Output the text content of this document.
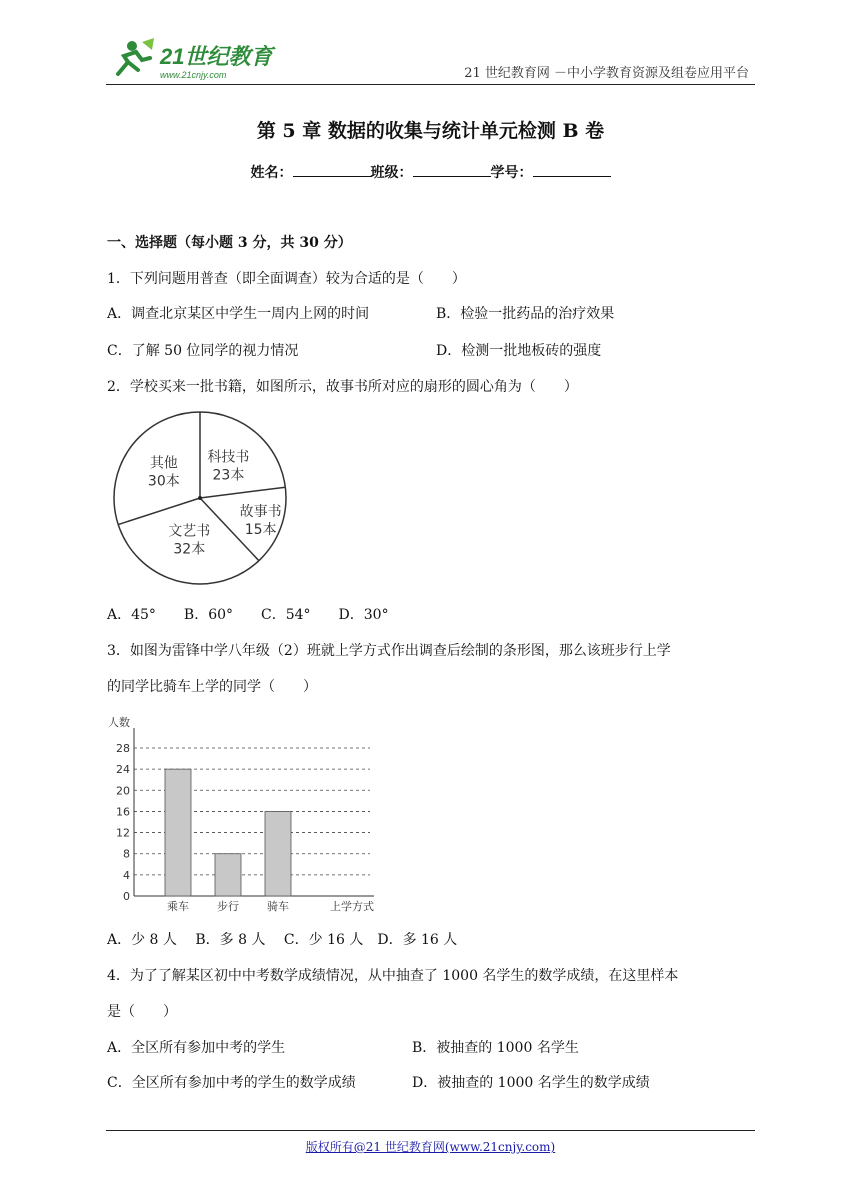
21世纪教育
www.21cnjy.com	21 世纪教育网 －中小学教育资源及组卷应用平台
第 5 章 数据的收集与统计单元检测 B 卷
姓名：	班级：	学号：
一、选择题（每小题 3 分，共 30 分）
1．下列问题用普查（即全面调查）较为合适的是（　　）
A．调查北京某区中学生一周内上网的时间	B．检验一批药品的治疗效果
C．了解 50 位同学的视力情况	D．检测一批地板砖的强度
2．学校买来一批书籍，如图所示，故事书所对应的扇形的圆心角为（　　）
科技书
23本
故事书
15本
文艺书
32本
其他
30本
A．45°　　B．60°　　C．54°　　D．30°
3．如图为雷锋中学八年级（2）班就上学方式作出调查后绘制的条形图，那么该班步行上学
的同学比骑车上学的同学（　　）
人数
0
4
8
12
16
20
24
28
乘车	步行	骑车	上学方式
A．少 8 人　 B．多 8 人　 C．少 16 人　D．多 16 人
4．为了了解某区初中中考数学成绩情况，从中抽查了 1000 名学生的数学成绩，在这里样本
是（　　）
A．全区所有参加中考的学生	B．被抽查的 1000 名学生
C．全区所有参加中考的学生的数学成绩	D．被抽查的 1000 名学生的数学成绩
版权所有@21 世纪教育网(www.21cnjy.com)
